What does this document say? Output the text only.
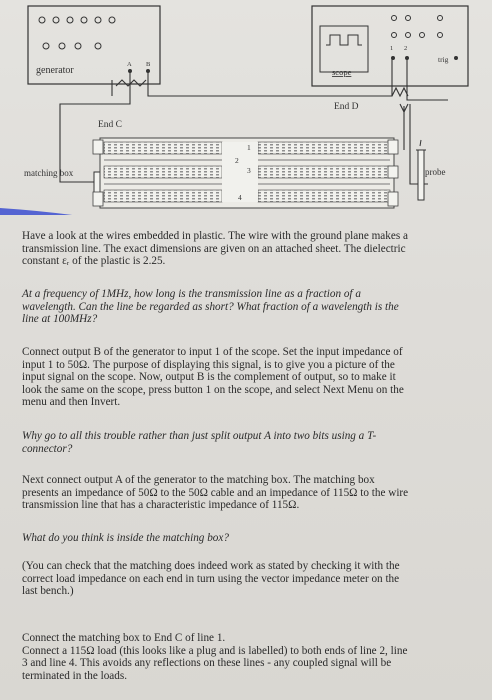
generator
A B
1 2
trig
scope
End C
End D
matching box	probe
1
2
3
4

Have a look at the wires embedded in plastic. The wire with the ground plane makes a
transmission line. The exact dimensions are given on an attached sheet. The dielectric
constant εᵣ of the plastic is 2.25.

At a frequency of 1MHz, how long is the transmission line as a fraction of a
wavelength. Can the line be regarded as short? What fraction of a wavelength is the
line at 100MHz?

Connect output B of the generator to input 1 of the scope. Set the input impedance of
input 1 to 50Ω. The purpose of displaying this signal, is to give you a picture of the
input signal on the scope. Now, output B is the complement of output, so to make it
look the same on the scope, press button 1 on the scope, and select Next Menu on the
menu and then Invert.

Why go to all this trouble rather than just split output A into two bits using a T-
connector?

Next connect output A of the generator to the matching box. The matching box
presents an impedance of 50Ω to the 50Ω cable and an impedance of 115Ω to the wire
transmission line that has a characteristic impedance of 115Ω.

What do you think is inside the matching box?

(You can check that the matching does indeed work as stated by checking it with the
correct load impedance on each end in turn using the vector impedance meter on the
last bench.)

Connect the matching box to End C of line 1.
Connect a 115Ω load (this looks like a plug and is labelled) to both ends of line 2, line
3 and line 4. This avoids any reflections on these lines - any coupled signal will be
terminated in the loads.
